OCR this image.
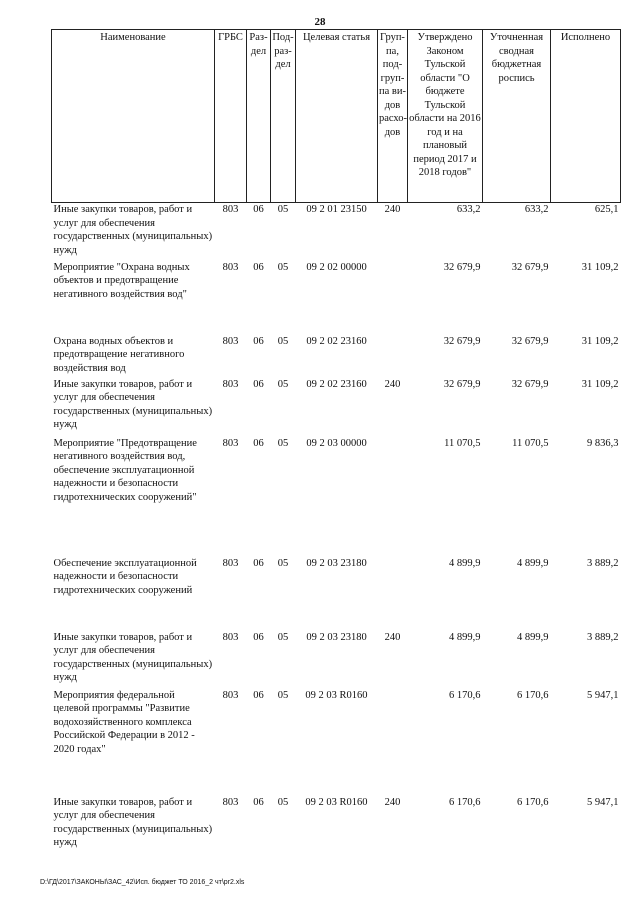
28
Наименование	ГРБС	Раз-дел	Под-раз-дел	Целевая статья	Груп-па, под-груп-па ви-дов расхо-дов	Утверждено Законом Тульской области "О бюджете Тульской области на 2016 год и на плановый период 2017 и 2018 годов"	Уточненная сводная бюджетная роспись	Исполнено
Иные закупки товаров, работ и услуг для обеспечения государственных (муниципальных) нужд	803	06	05	09 2 01 23150	240	633,2	633,2	625,1
Мероприятие "Охрана водных объектов и предотвращение негативного воздействия вод"	803	06	05	09 2 02 00000		32 679,9	32 679,9	31 109,2
Охрана водных объектов и предотвращение негативного воздействия вод	803	06	05	09 2 02 23160		32 679,9	32 679,9	31 109,2
Иные закупки товаров, работ и услуг для обеспечения государственных (муниципальных) нужд	803	06	05	09 2 02 23160	240	32 679,9	32 679,9	31 109,2
Мероприятие "Предотвращение негативного воздействия вод, обеспечение эксплуатационной надежности и безопасности гидротехнических сооружений"	803	06	05	09 2 03 00000		11 070,5	11 070,5	9 836,3
Обеспечение эксплуатационной надежности и безопасности гидротехнических сооружений	803	06	05	09 2 03 23180		4 899,9	4 899,9	3 889,2
Иные закупки товаров, работ и услуг для обеспечения государственных (муниципальных) нужд	803	06	05	09 2 03 23180	240	4 899,9	4 899,9	3 889,2
Мероприятия федеральной целевой программы "Развитие водохозяйственного комплекса Российской Федерации в 2012 - 2020 годах"	803	06	05	09 2 03 R0160		6 170,6	6 170,6	5 947,1
Иные закупки товаров, работ и услуг для обеспечения государственных (муниципальных) нужд	803	06	05	09 2 03 R0160	240	6 170,6	6 170,6	5 947,1
D:\ГД\2017\ЗАКОНЫ\ЗАС_42\Исп. бюджет ТО 2016_2 чт\pr2.xls
